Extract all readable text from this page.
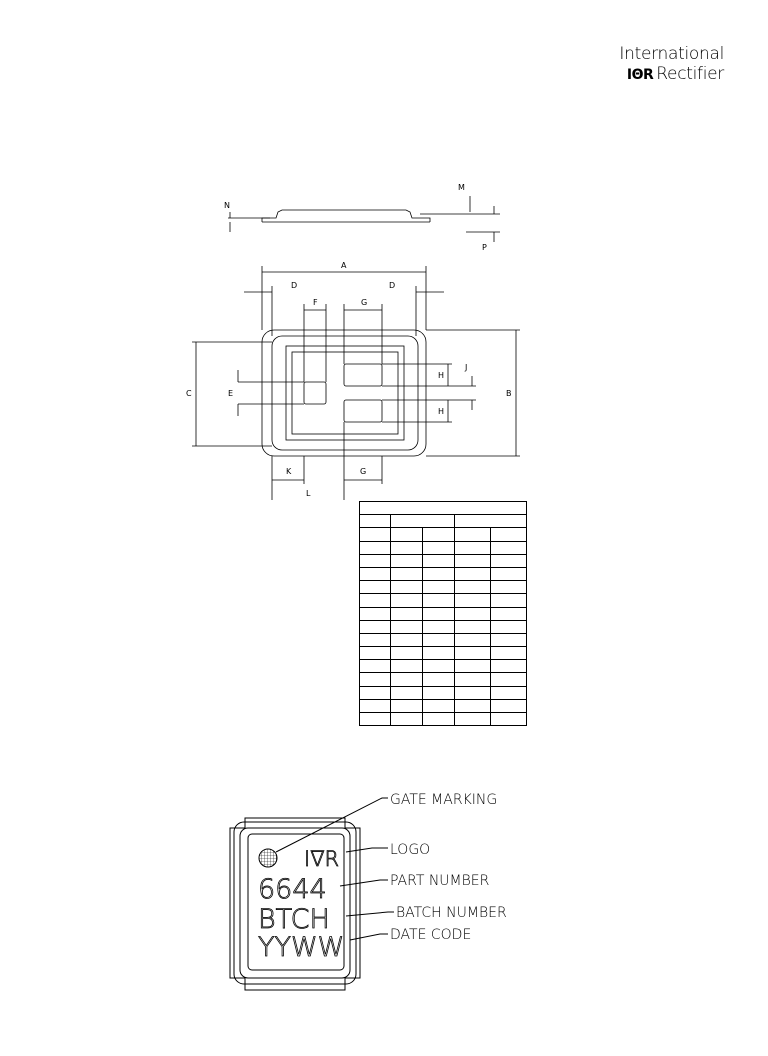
International
IΘR Rectifier
A
D	D
F	G
C	E	B
H
H
J
K	G
L
M
N
P

I∇R
6644
BTCH
YYWW
GATE MARKING
LOGO
PART NUMBER
BATCH NUMBER
DATE CODE
